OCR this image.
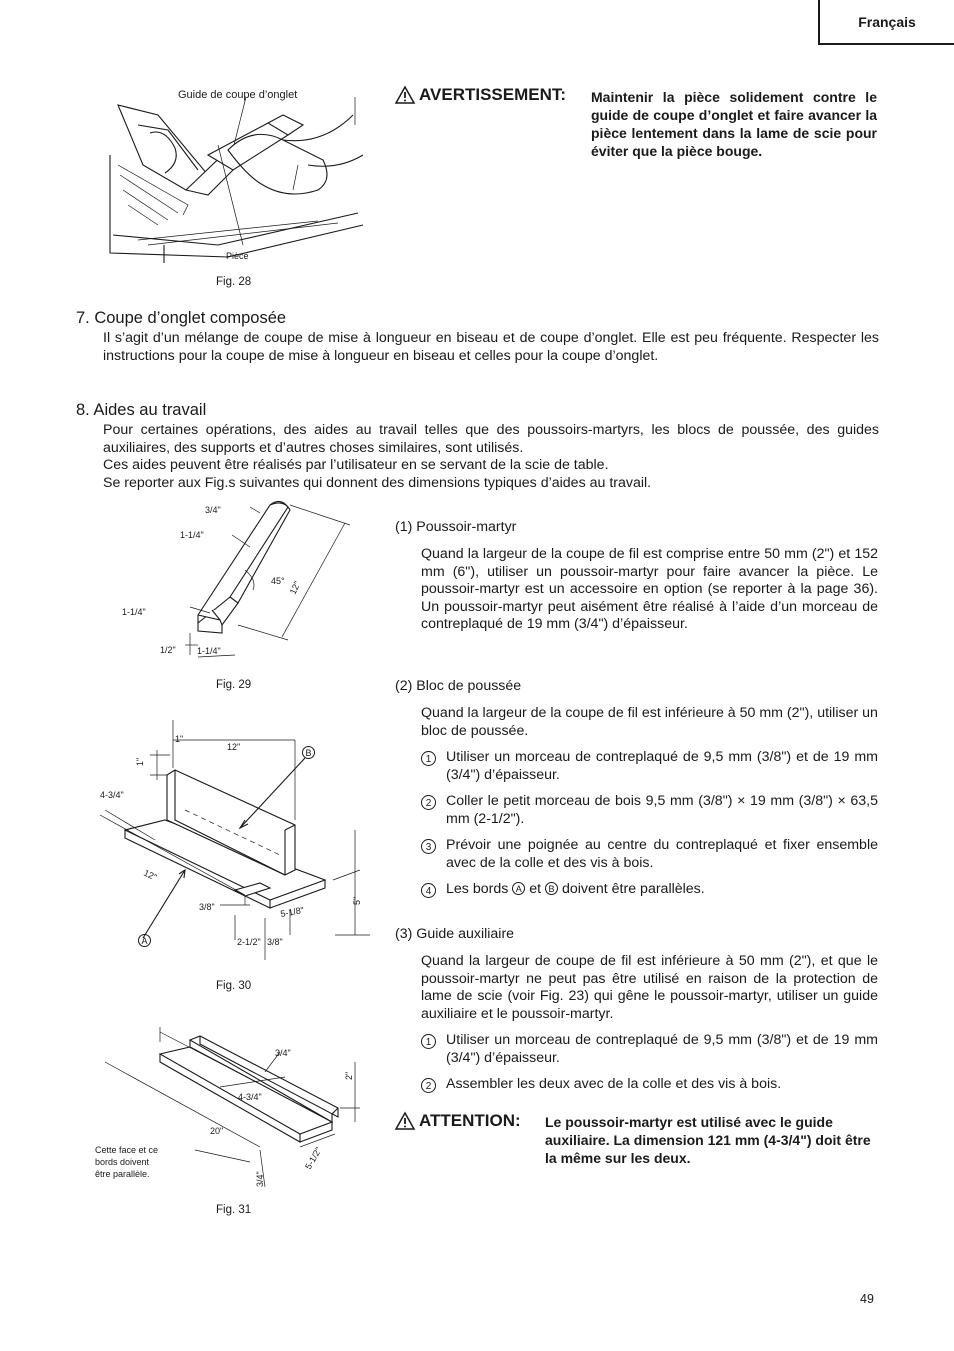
Français
Guide de coupe d’onglet
Pièce
Fig. 28
AVERTISSEMENT: Maintenir la pièce solidement contre le guide de coupe d’onglet et faire avancer la pièce lentement dans la lame de scie pour éviter que la pièce bouge.
7. Coupe d’onglet composée
Il s’agit d’un mélange de coupe de mise à longueur en biseau et de coupe d’onglet. Elle est peu fréquente. Respecter les instructions pour la coupe de mise à longueur en biseau et celles pour la coupe d’onglet.
8. Aides au travail
Pour certaines opérations, des aides au travail telles que des poussoirs-martyrs, les blocs de poussée, des guides auxiliaires, des supports et d’autres choses similaires, sont utilisés.
Ces aides peuvent être réalisés par l’utilisateur en se servant de la scie de table.
Se reporter aux Fig.s suivantes qui donnent des dimensions typiques d’aides au travail.
3/4"
1-1/4"
45° 12"
1-1/4"
1/2" 1-1/4"
Fig. 29
1"
12"
1"
4-3/4"
12"
3/8"	5-1/8"
5"
2-1/2" 3/8"
B
A
Fig. 30
3/4"
2"
4-3/4"
20"
5-1/2"
3/4"
Cette face et ce
bords doivent
être parallèle.
Fig. 31
(1) Poussoir-martyr
Quand la largeur de la coupe de fil est comprise entre 50 mm (2") et 152 mm (6"), utiliser un poussoir-martyr pour faire avancer la pièce. Le poussoir-martyr est un accessoire en option (se reporter à la page 36). Un poussoir-martyr peut aisément être réalisé à l’aide d’un morceau de contreplaqué de 19 mm (3/4") d’épaisseur.
(2) Bloc de poussée
Quand la largeur de la coupe de fil est inférieure à 50 mm (2"), utiliser un bloc de poussée.
1	Utiliser un morceau de contreplaqué de 9,5 mm (3/8") et de 19 mm (3/4") d’épaisseur.
2	Coller le petit morceau de bois 9,5 mm (3/8") × 19 mm (3/8") × 63,5 mm (2-1/2").
3	Prévoir une poignée au centre du contreplaqué et fixer ensemble avec de la colle et des vis à bois.
4	Les bords A et B doivent être parallèles.
(3) Guide auxiliaire
Quand la largeur de coupe de fil est inférieure à 50 mm (2"), et que le poussoir-martyr ne peut pas être utilisé en raison de la protection de lame de scie (voir Fig. 23) qui gêne le poussoir-martyr, utiliser un guide auxiliaire et le poussoir-martyr.
1	Utiliser un morceau de contreplaqué de 9,5 mm (3/8") et de 19 mm (3/4") d’épaisseur.
2	Assembler les deux avec de la colle et des vis à bois.
ATTENTION: Le poussoir-martyr est utilisé avec le guide auxiliaire. La dimension 121 mm (4-3/4") doit être la même sur les deux.
49
